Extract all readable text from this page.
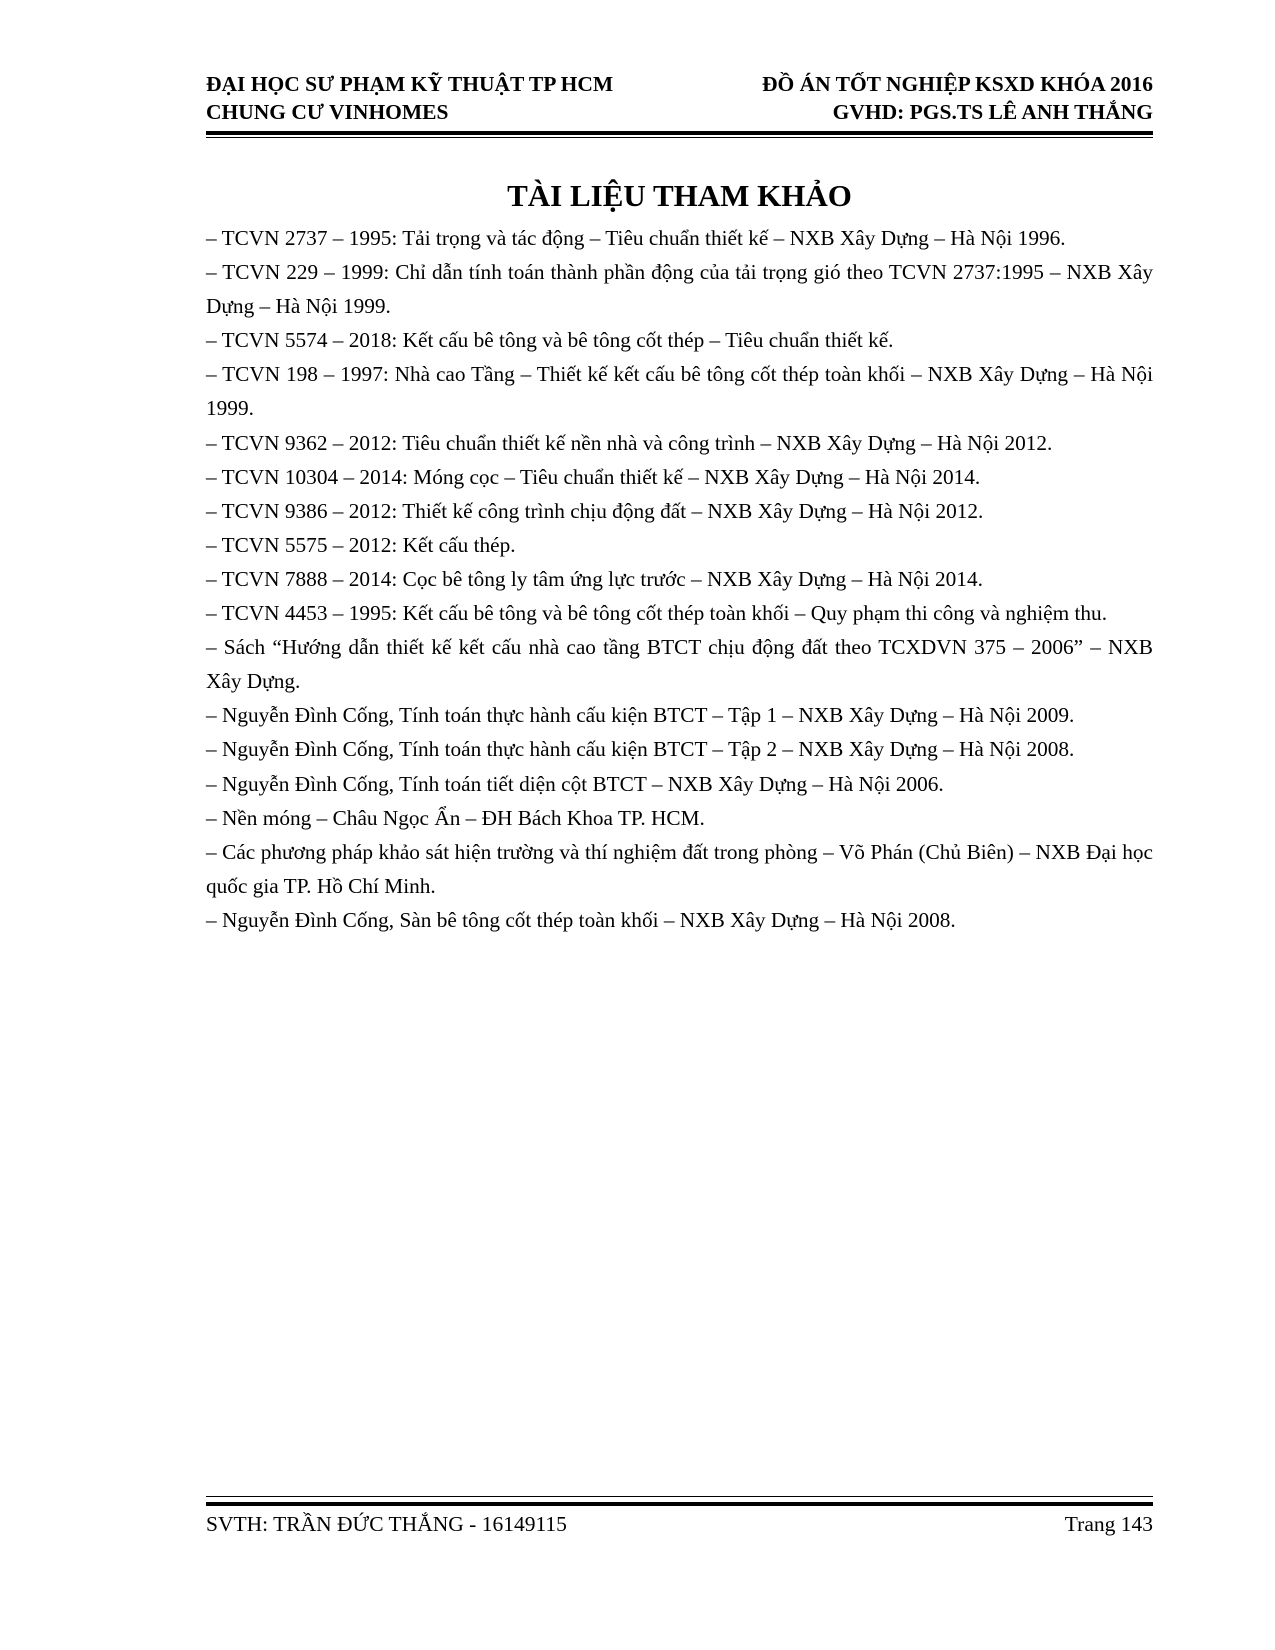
ĐẠI HỌC SƯ PHẠM KỸ THUẬT TP HCM	ĐỒ ÁN TỐT NGHIỆP KSXD KHÓA 2016
CHUNG CƯ VINHOMES	GVHD: PGS.TS LÊ ANH THẮNG
TÀI LIỆU THAM KHẢO

– TCVN 2737 – 1995: Tải trọng và tác động – Tiêu chuẩn thiết kế – NXB Xây Dựng – Hà Nội 1996.

– TCVN 229 – 1999: Chỉ dẫn tính toán thành phần động của tải trọng gió theo TCVN 2737:1995 – NXB Xây Dựng – Hà Nội 1999.

– TCVN 5574 – 2018: Kết cấu bê tông và bê tông cốt thép – Tiêu chuẩn thiết kế.

– TCVN 198 – 1997: Nhà cao Tầng – Thiết kế kết cấu bê tông cốt thép toàn khối – NXB Xây Dựng – Hà Nội 1999.

– TCVN 9362 – 2012: Tiêu chuẩn thiết kế nền nhà và công trình – NXB Xây Dựng – Hà Nội 2012.

– TCVN 10304 – 2014: Móng cọc – Tiêu chuẩn thiết kế – NXB Xây Dựng – Hà Nội 2014.

– TCVN 9386 – 2012: Thiết kế công trình chịu động đất – NXB Xây Dựng – Hà Nội 2012.

– TCVN 5575 – 2012: Kết cấu thép.

– TCVN 7888 – 2014: Cọc bê tông ly tâm ứng lực trước – NXB Xây Dựng – Hà Nội 2014.

– TCVN 4453 – 1995: Kết cấu bê tông và bê tông cốt thép toàn khối – Quy phạm thi công và nghiệm thu.

– Sách “Hướng dẫn thiết kế kết cấu nhà cao tầng BTCT chịu động đất theo TCXDVN 375 – 2006” – NXB Xây Dựng.

– Nguyễn Đình Cống, Tính toán thực hành cấu kiện BTCT – Tập 1 – NXB Xây Dựng – Hà Nội 2009.

– Nguyễn Đình Cống, Tính toán thực hành cấu kiện BTCT – Tập 2 – NXB Xây Dựng – Hà Nội 2008.

– Nguyễn Đình Cống, Tính toán tiết diện cột BTCT – NXB Xây Dựng – Hà Nội 2006.

– Nền móng – Châu Ngọc Ẩn – ĐH Bách Khoa TP. HCM.

– Các phương pháp khảo sát hiện trường và thí nghiệm đất trong phòng – Võ Phán (Chủ Biên) – NXB Đại học quốc gia TP. Hồ Chí Minh.

– Nguyễn Đình Cống, Sàn bê tông cốt thép toàn khối – NXB Xây Dựng – Hà Nội 2008.

SVTH: TRẦN ĐỨC THẮNG - 16149115	Trang 143
